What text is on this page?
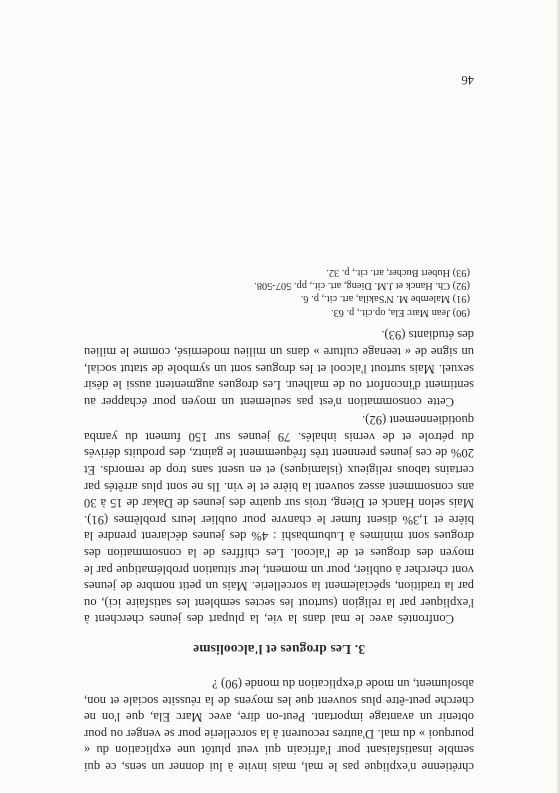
chrétienne n'explique pas le mal, mais invite à lui donner un sens, ce qui semble insatisfaisant pour l'africain qui veut plutôt une explication du « pourquoi » du mal. D'autres recourent à la sorcellerie pour se venger ou pour obtenir un avantage important. Peut-on dire, avec Marc Ela, que l'on ne cherche peut-être plus souvent que les moyens de la réussite sociale et non, absolument, un mode d'explication du monde (90) ?

3. Les drogues et l'alcoolisme

Confrontés avec le mal dans la vie, la plupart des jeunes cherchent à l'expliquer par la religion (surtout les sectes semblent les satisfaire ici), ou par la tradition, spécialement la sorcellerie. Mais un petit nombre de jeunes vont chercher à oublier, pour un moment, leur situation problématique par le moyen des drogues et de l'alcool. Les chiffres de la consommation des drogues sont minimes à Lubumbashi : 4% des jeunes déclarent prendre la bière et 1,3% disent fumer le chanvre pour oublier leurs problèmes (91). Mais selon Hanck et Dieng, trois sur quatre des jeunes de Dakar de 15 à 30 ans consomment assez souvent la bière et le vin. Ils ne sont plus arrêtés par certains tabous religieux (islamiques) et en usent sans trop de remords. Et 20% de ces jeunes prennent très fréquemment le gaintz, des produits dérivés du pétrole et de vernis inhalés. 79 jeunes sur 150 fument du yamba quotidiennement (92).

Cette consommation n'est pas seulement un moyen pour échapper au sentiment d'inconfort ou de malheur. Les drogues augmentent aussi le désir sexuel. Mais surtout l'alcool et les drogues sont un symbole de statut social, un signe de « teenage culture » dans un milieu modernisé, comme le milieu des étudiants (93).

(90) Jean Marc Ela, op.cit., p. 63.

(91) Malembe M. N'Sakila, art. cit., p. 6.

(92) Ch. Hanck et J.M. Dieng, art. cit., pp. 507-508.

(93) Hubert Bucher, art. cit., p. 32.

46
